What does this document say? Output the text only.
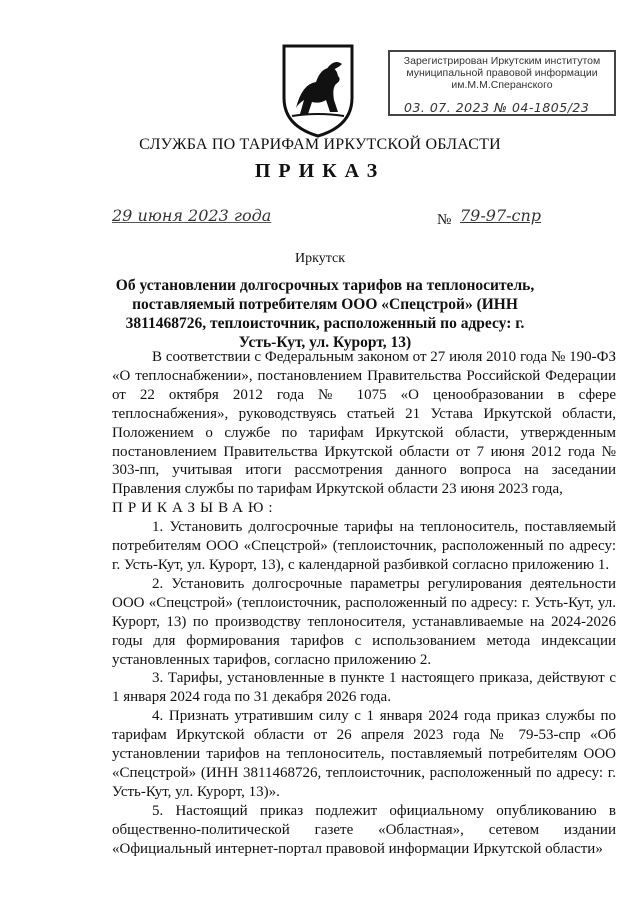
Зарегистрирован Иркутским институтом
муниципальной правовой информации
им.М.М.Сперанского
03. 07. 2023 № 04-1805/23
СЛУЖБА ПО ТАРИФАМ ИРКУТСКОЙ ОБЛАСТИ
ПРИКАЗ
29 июня 2023 года	№ 79-97-спр
Иркутск
Об установлении долгосрочных тарифов на теплоноситель, поставляемый потребителям ООО «Спецстрой» (ИНН 3811468726, теплоисточник, расположенный по адресу: г. Усть-Кут, ул. Курорт, 13)

В соответствии с Федеральным законом от 27 июля 2010 года № 190-ФЗ «О теплоснабжении», постановлением Правительства Российской Федерации от 22 октября 2012 года № 1075 «О ценообразовании в сфере теплоснабжения», руководствуясь статьей 21 Устава Иркутской области, Положением о службе по тарифам Иркутской области, утвержденным постановлением Правительства Иркутской области от 7 июня 2012 года № 303-пп, учитывая итоги рассмотрения данного вопроса на заседании Правления службы по тарифам Иркутской области 23 июня 2023 года,

ПРИКАЗЫВАЮ:

1. Установить долгосрочные тарифы на теплоноситель, поставляемый потребителям ООО «Спецстрой» (теплоисточник, расположенный по адресу: г. Усть-Кут, ул. Курорт, 13), с календарной разбивкой согласно приложению 1.

2. Установить долгосрочные параметры регулирования деятельности ООО «Спецстрой» (теплоисточник, расположенный по адресу: г. Усть-Кут, ул. Курорт, 13) по производству теплоносителя, устанавливаемые на 2024-2026 годы для формирования тарифов с использованием метода индексации установленных тарифов, согласно приложению 2.

3. Тарифы, установленные в пункте 1 настоящего приказа, действуют с 1 января 2024 года по 31 декабря 2026 года.

4. Признать утратившим силу с 1 января 2024 года приказ службы по тарифам Иркутской области от 26 апреля 2023 года № 79-53-спр «Об установлении тарифов на теплоноситель, поставляемый потребителям ООО «Спецстрой» (ИНН 3811468726, теплоисточник, расположенный по адресу: г. Усть-Кут, ул. Курорт, 13)».

5. Настоящий приказ подлежит официальному опубликованию в общественно-политической газете «Областная», сетевом издании «Официальный интернет-портал правовой информации Иркутской области»
